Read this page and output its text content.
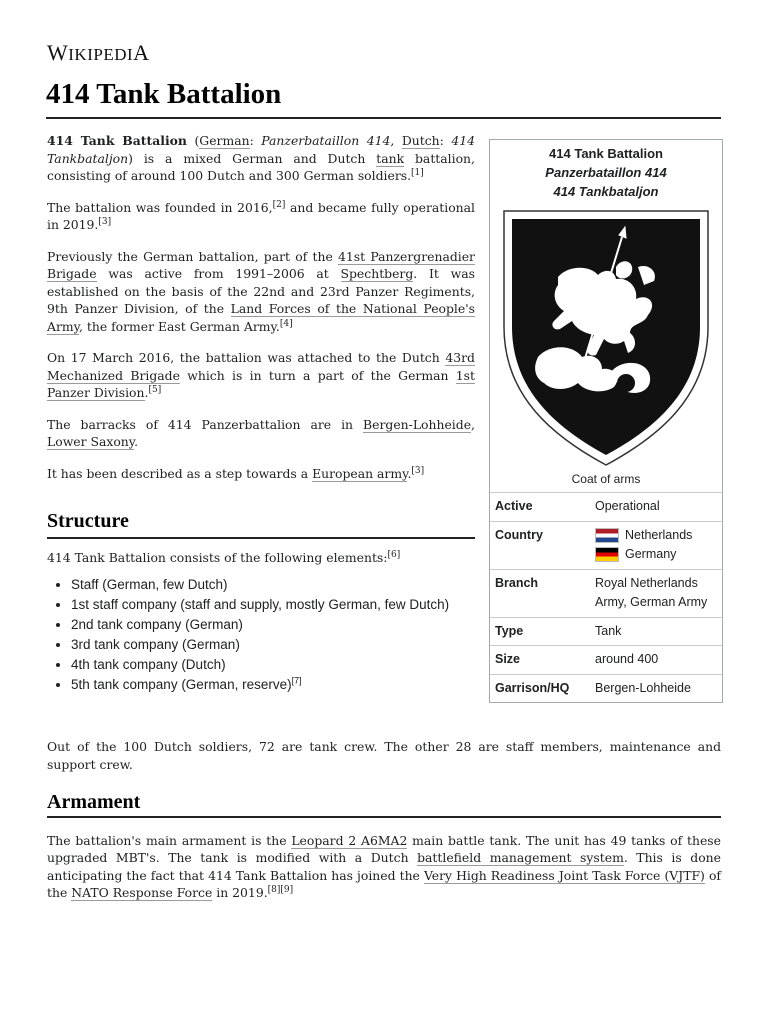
WIKIPEDIA
414 Tank Battalion

414 Tank Battalion (German: Panzerbataillon 414, Dutch: 414 Tankbataljon) is a mixed German and Dutch tank battalion, consisting of around 100 Dutch and 300 German soldiers.[1]

The battalion was founded in 2016,[2] and became fully operational in 2019.[3]

Previously the German battalion, part of the 41st Panzergrenadier Brigade was active from 1991–2006 at Spechtberg. It was established on the basis of the 22nd and 23rd Panzer Regiments, 9th Panzer Division, of the Land Forces of the National People's Army, the former East German Army.[4]

On 17 March 2016, the battalion was attached to the Dutch 43rd Mechanized Brigade which is in turn a part of the German 1st Panzer Division.[5]

The barracks of 414 Panzerbattalion are in Bergen-Lohheide, Lower Saxony.

It has been described as a step towards a European army.[3]

Structure

414 Tank Battalion consists of the following elements:[6]

• Staff (German, few Dutch)
• 1st staff company (staff and supply, mostly German, few Dutch)
• 2nd tank company (German)
• 3rd tank company (German)
• 4th tank company (Dutch)
• 5th tank company (German, reserve)[7]

Out of the 100 Dutch soldiers, 72 are tank crew. The other 28 are staff members, maintenance and support crew.

Armament

The battalion's main armament is the Leopard 2 A6MA2 main battle tank. The unit has 49 tanks of these upgraded MBT's. The tank is modified with a Dutch battlefield management system. This is done anticipating the fact that 414 Tank Battalion has joined the Very High Readiness Joint Task Force (VJTF) of the NATO Response Force in 2019.[8][9]

414 Tank Battalion
Panzerbataillon 414
414 Tankbataljon
Coat of arms
Active	Operational
Country	Netherlands
Germany

Branch	Royal Netherlands Army, German Army
Type	Tank
Size	around 400
Garrison/HQ	Bergen-Lohheide
